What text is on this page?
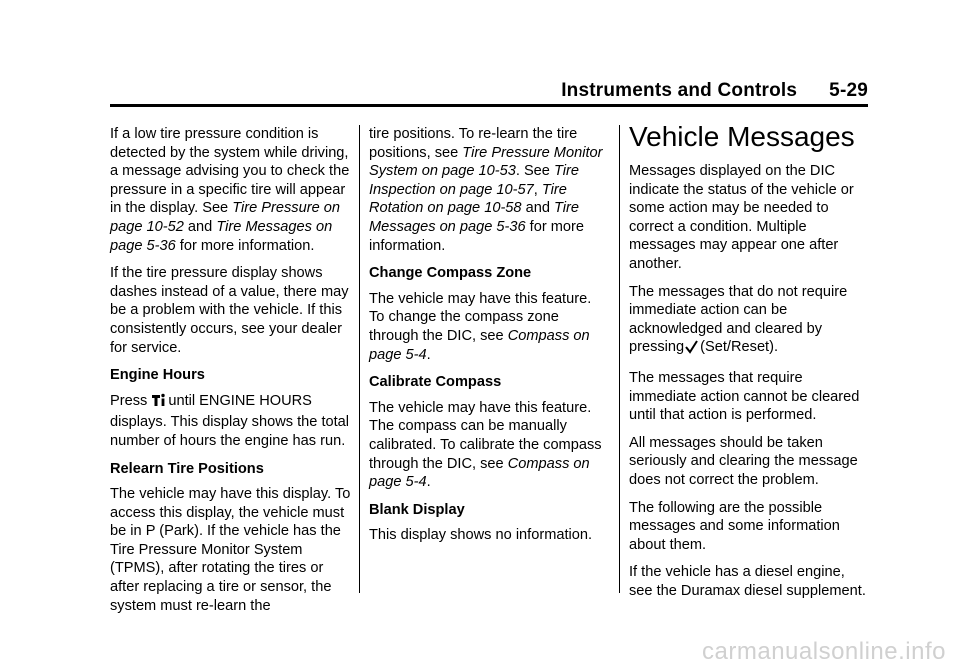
Instruments and Controls 5-29

If a low tire pressure condition is detected by the system while driving, a message advising you to check the pressure in a specific tire will appear in the display. See Tire Pressure on page 10-52 and Tire Messages on page 5-36 for more information.

If the tire pressure display shows dashes instead of a value, there may be a problem with the vehicle. If this consistently occurs, see your dealer for service.

Engine Hours

Press until ENGINE HOURS displays. This display shows the total number of hours the engine has run.

Relearn Tire Positions

The vehicle may have this display. To access this display, the vehicle must be in P (Park). If the vehicle has the Tire Pressure Monitor System (TPMS), after rotating the tires or after replacing a tire or sensor, the system must re-learn the

tire positions. To re-learn the tire positions, see Tire Pressure Monitor System on page 10-53. See Tire Inspection on page 10-57, Tire Rotation on page 10-58 and Tire Messages on page 5-36 for more information.

Change Compass Zone

The vehicle may have this feature. To change the compass zone through the DIC, see Compass on page 5-4.

Calibrate Compass

The vehicle may have this feature. The compass can be manually calibrated. To calibrate the compass through the DIC, see Compass on page 5-4.

Blank Display

This display shows no information.

Vehicle Messages

Messages displayed on the DIC indicate the status of the vehicle or some action may be needed to correct a condition. Multiple messages may appear one after another.

The messages that do not require immediate action can be acknowledged and cleared by pressing (Set/Reset).

The messages that require immediate action cannot be cleared until that action is performed.

All messages should be taken seriously and clearing the message does not correct the problem.

The following are the possible messages and some information about them.

If the vehicle has a diesel engine, see the Duramax diesel supplement.

carmanualsonline.info
